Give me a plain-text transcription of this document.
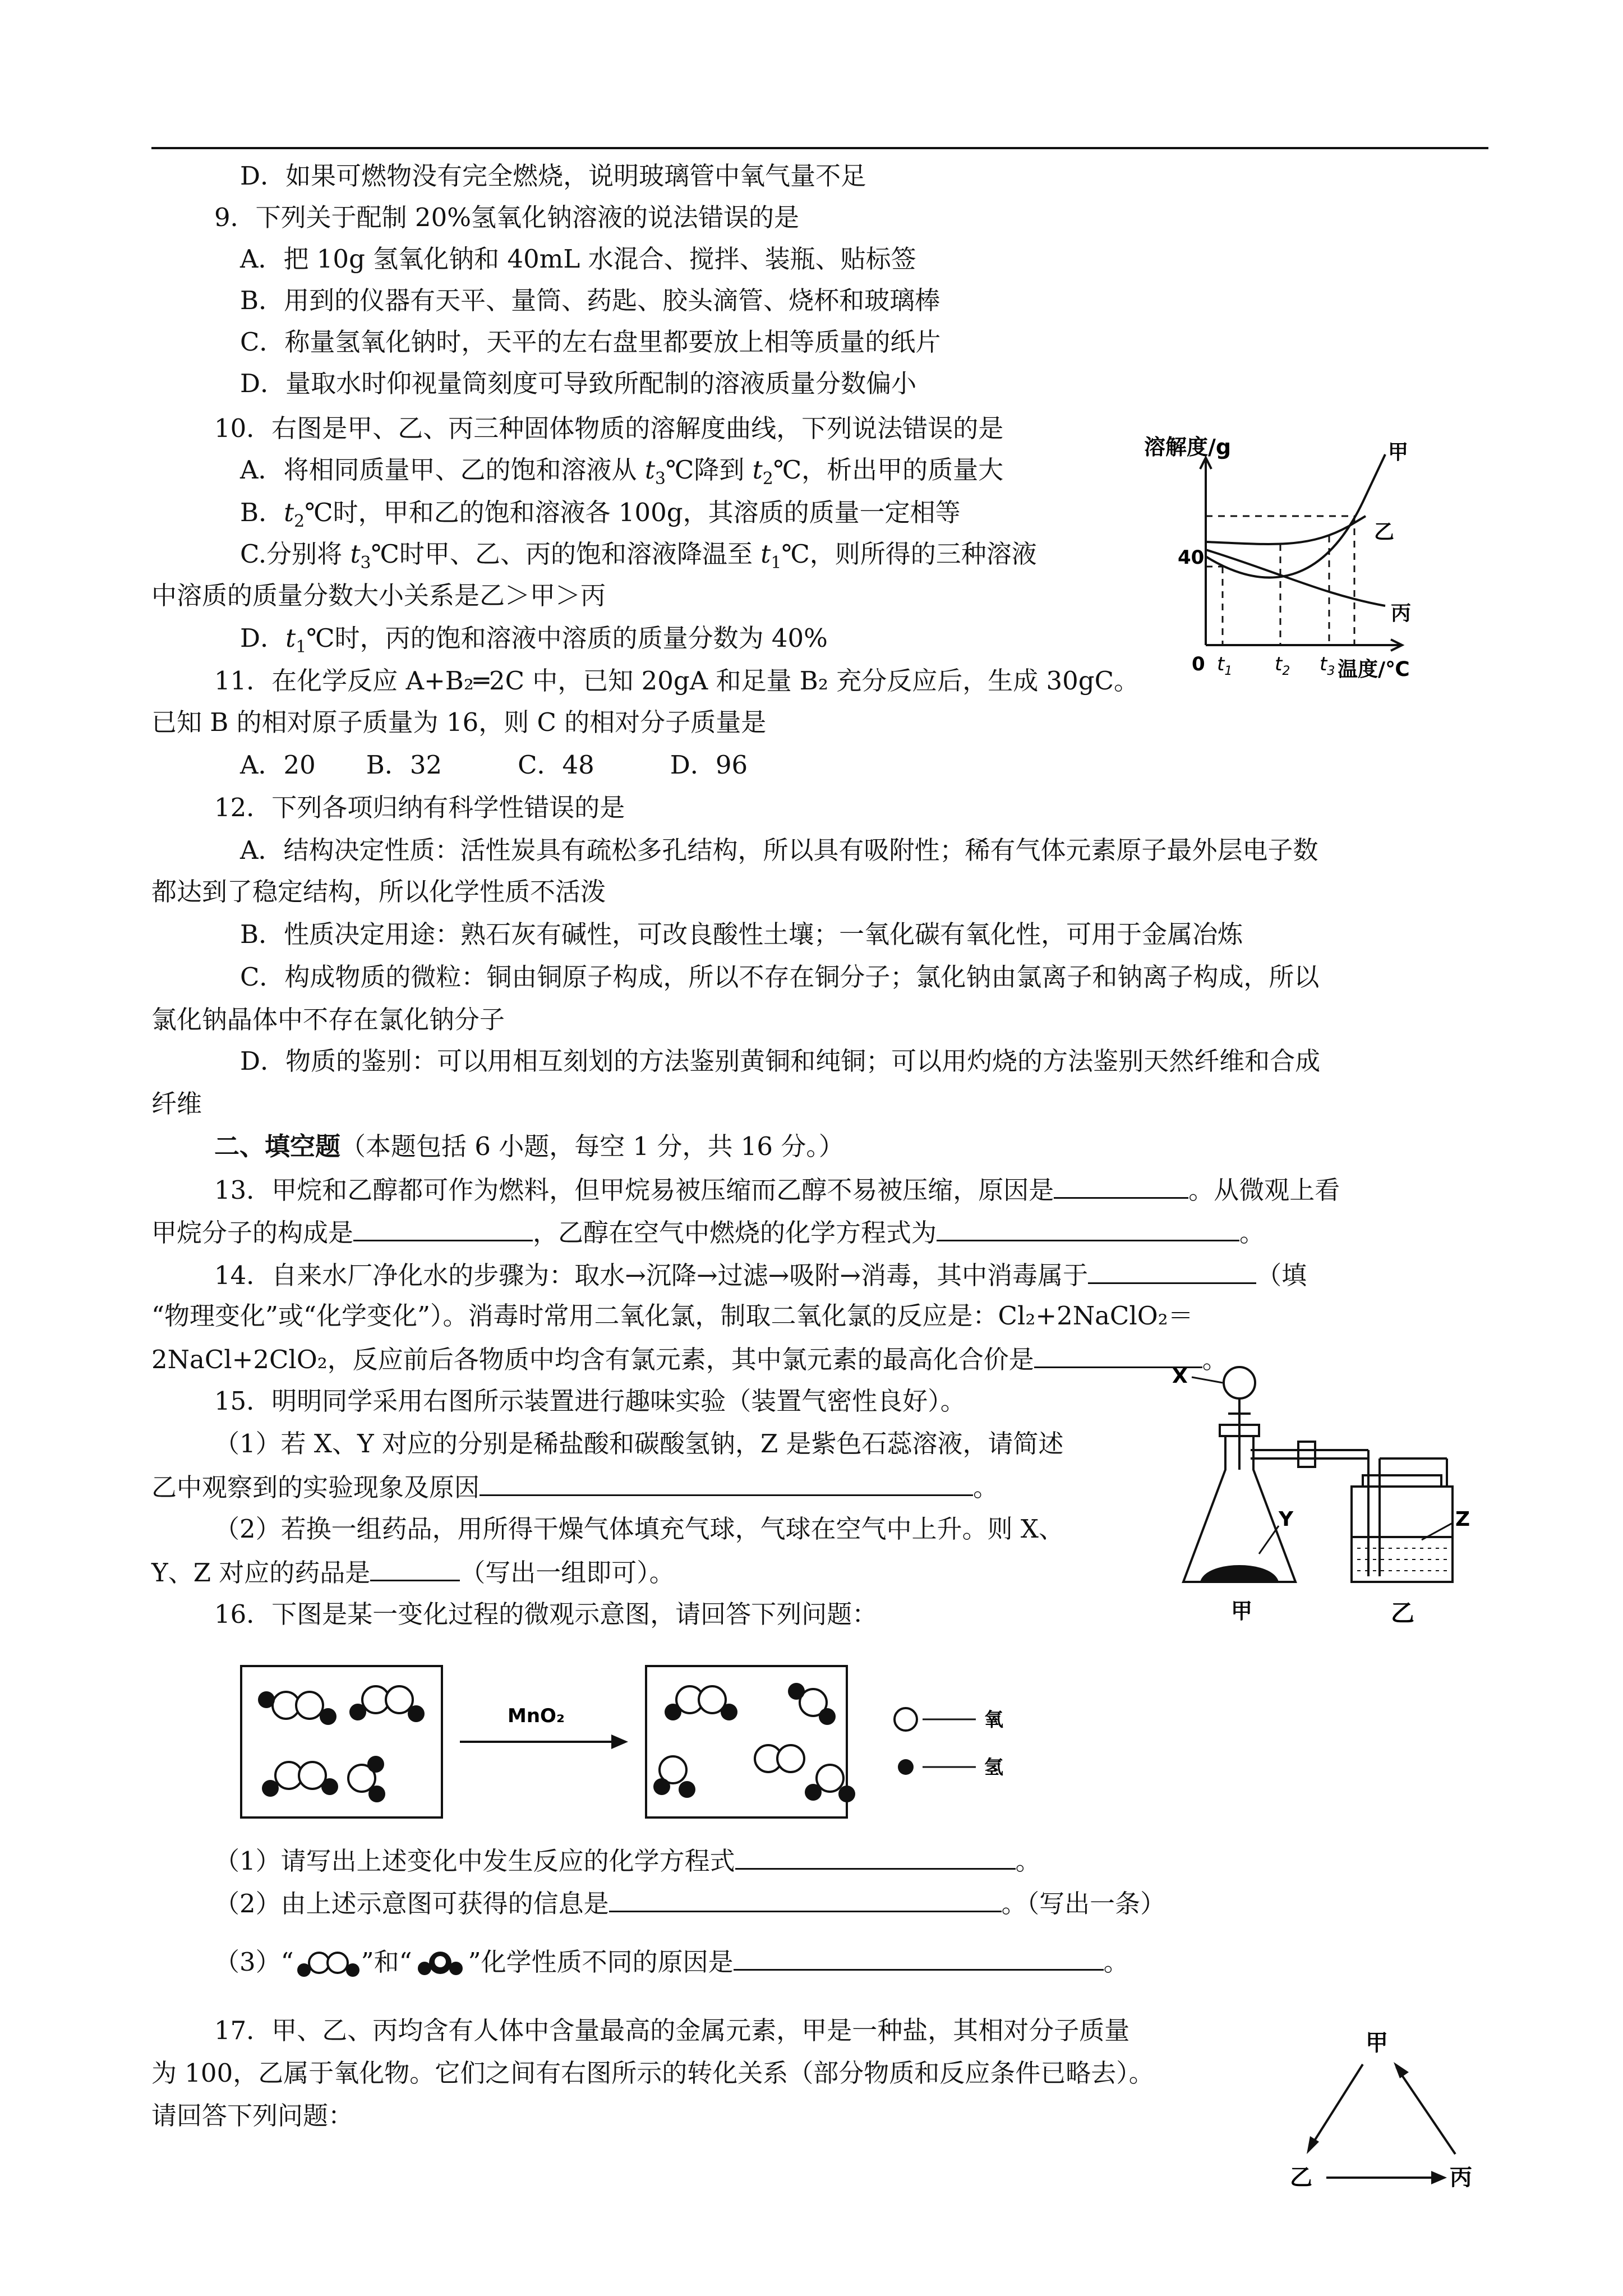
D．如果可燃物没有完全燃烧，说明玻璃管中氧气量不足
9．下列关于配制 20%氢氧化钠溶液的说法错误的是
A．把 10g 氢氧化钠和 40mL 水混合、搅拌、装瓶、贴标签
B．用到的仪器有天平、量筒、药匙、胶头滴管、烧杯和玻璃棒
C．称量氢氧化钠时，天平的左右盘里都要放上相等质量的纸片
D．量取水时仰视量筒刻度可导致所配制的溶液质量分数偏小
10．右图是甲、乙、丙三种固体物质的溶解度曲线，下列说法错误的是
A．将相同质量甲、乙的饱和溶液从 $t_3℃$降到 $t_2℃$，析出甲的质量大
B．$t_2℃$时，甲和乙的饱和溶液各 100g，其溶质的质量一定相等
C.分别将 $t_3℃$时甲、乙、丙的饱和溶液降温至 $t_1℃$，则所得的三种溶液
中溶质的质量分数大小关系是乙＞甲＞丙
D．$t_1℃$时，丙的饱和溶液中溶质的质量分数为 40%
溶解度/g
40
0 $t_1$ $t_2$ $t_3$ 温度/℃
甲
乙
丙
11．在化学反应 A+B₂═2C 中，已知 20gA 和足量 B₂ 充分反应后，生成 30gC。
已知 B 的相对原子质量为 16，则 C 的相对分子质量是
A．20　　B．32　　　C．48　　　D．96
12．下列各项归纳有科学性错误的是
A．结构决定性质：活性炭具有疏松多孔结构，所以具有吸附性；稀有气体元素原子最外层电子数
都达到了稳定结构，所以化学性质不活泼
B．性质决定用途：熟石灰有碱性，可改良酸性土壤；一氧化碳有氧化性，可用于金属冶炼
C．构成物质的微粒：铜由铜原子构成，所以不存在铜分子；氯化钠由氯离子和钠离子构成，所以
氯化钠晶体中不存在氯化钠分子
D．物质的鉴别：可以用相互刻划的方法鉴别黄铜和纯铜；可以用灼烧的方法鉴别天然纤维和合成
纤维
二、填空题（本题包括 6 小题，每空 1 分，共 16 分。）
13．甲烷和乙醇都可作为燃料，但甲烷易被压缩而乙醇不易被压缩，原因是	。从微观上看
甲烷分子的构成是	，乙醇在空气中燃烧的化学方程式为	。
14．自来水厂净化水的步骤为：取水→沉降→过滤→吸附→消毒，其中消毒属于	（填
“物理变化”或“化学变化”）。消毒时常用二氧化氯，制取二氧化氯的反应是：Cl₂+2NaClO₂＝
2NaCl+2ClO₂，反应前后各物质中均含有氯元素，其中氯元素的最高化合价是	。
15．明明同学采用右图所示装置进行趣味实验（装置气密性良好）。
（1）若 X、Y 对应的分别是稀盐酸和碳酸氢钠，Z 是紫色石蕊溶液，请简述
乙中观察到的实验现象及原因	。
（2）若换一组药品，用所得干燥气体填充气球，气球在空气中上升。则 X、
Y、Z 对应的药品是	（写出一组即可）。
X
Y	Z
甲	乙
16．下图是某一变化过程的微观示意图，请回答下列问题：
MnO₂	氧
氢
（1）请写出上述变化中发生反应的化学方程式	。
（2）由上述示意图可获得的信息是	。（写出一条）
（3）“	”和“ ”化学性质不同的原因是	。
17．甲、乙、丙均含有人体中含量最高的金属元素，甲是一种盐，其相对分子质量
为 100，乙属于氧化物。它们之间有右图所示的转化关系（部分物质和反应条件已略去）。
请回答下列问题：
甲
乙	丙
